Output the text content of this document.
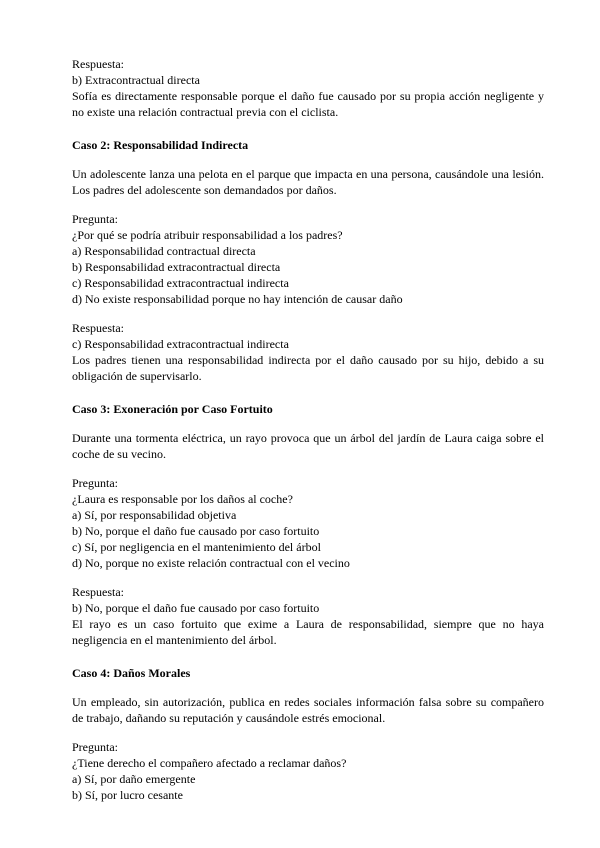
Respuesta:
b) Extracontractual directa
Sofía es directamente responsable porque el daño fue causado por su propia acción negligente y no existe una relación contractual previa con el ciclista.
Caso 2: Responsabilidad Indirecta
Un adolescente lanza una pelota en el parque que impacta en una persona, causándole una lesión. Los padres del adolescente son demandados por daños.
Pregunta:
¿Por qué se podría atribuir responsabilidad a los padres?
a) Responsabilidad contractual directa
b) Responsabilidad extracontractual directa
c) Responsabilidad extracontractual indirecta
d) No existe responsabilidad porque no hay intención de causar daño
Respuesta:
c) Responsabilidad extracontractual indirecta
Los padres tienen una responsabilidad indirecta por el daño causado por su hijo, debido a su obligación de supervisarlo.
Caso 3: Exoneración por Caso Fortuito
Durante una tormenta eléctrica, un rayo provoca que un árbol del jardín de Laura caiga sobre el coche de su vecino.
Pregunta:
¿Laura es responsable por los daños al coche?
a) Sí, por responsabilidad objetiva
b) No, porque el daño fue causado por caso fortuito
c) Sí, por negligencia en el mantenimiento del árbol
d) No, porque no existe relación contractual con el vecino
Respuesta:
b) No, porque el daño fue causado por caso fortuito
El rayo es un caso fortuito que exime a Laura de responsabilidad, siempre que no haya negligencia en el mantenimiento del árbol.
Caso 4: Daños Morales
Un empleado, sin autorización, publica en redes sociales información falsa sobre su compañero de trabajo, dañando su reputación y causándole estrés emocional.
Pregunta:
¿Tiene derecho el compañero afectado a reclamar daños?
a) Sí, por daño emergente
b) Sí, por lucro cesante
